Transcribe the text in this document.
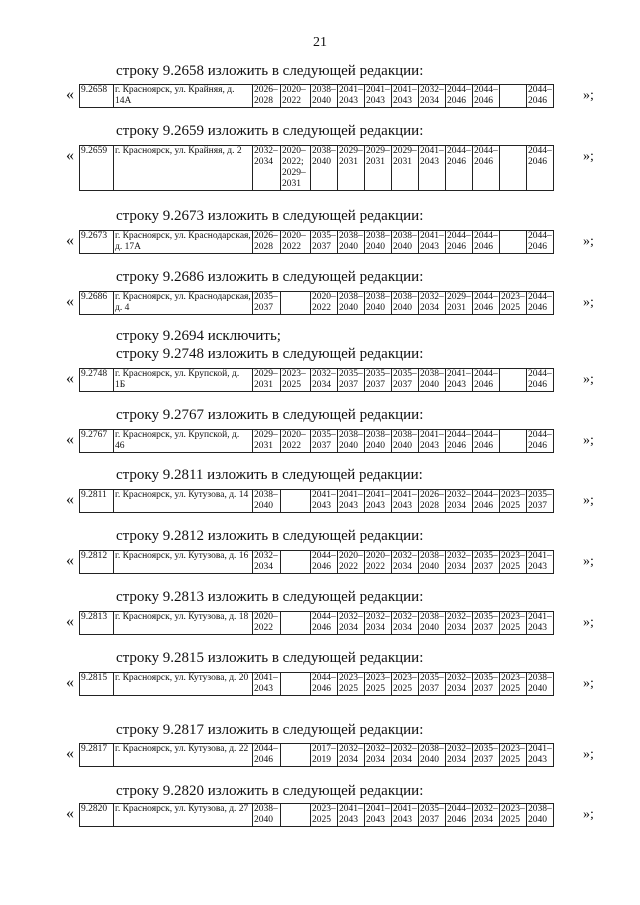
21
строку 9.2658 изложить в следующей редакции:
« 9.2658	г. Красноярск, ул. Крайняя, д. 14А	2026–2028	2020–2022	2038–2040	2041–2043	2041–2043	2041–2043	2032–2034	2044–2046	2044–2046		2044–2046	»;
строку 9.2659 изложить в следующей редакции:
« 9.2659	г. Красноярск, ул. Крайняя, д. 2	2032–2034	2020–2022; 2029–2031	2038–2040	2029–2031	2029–2031	2029–2031	2041–2043	2044–2046	2044–2046		2044–2046	»;
строку 9.2673 изложить в следующей редакции:
« 9.2673	г. Красноярск, ул. Краснодарская, д. 17А	2026–2028	2020–2022	2035–2037	2038–2040	2038–2040	2038–2040	2041–2043	2044–2046	2044–2046		2044–2046	»;
строку 9.2686 изложить в следующей редакции:
« 9.2686	г. Красноярск, ул. Краснодарская, д. 4	2035–2037		2020–2022	2038–2040	2038–2040	2038–2040	2032–2034	2029–2031	2044–2046	2023–2025	2044–2046	»;
строку 9.2694 исключить;
строку 9.2748 изложить в следующей редакции:
« 9.2748	г. Красноярск, ул. Крупской, д. 1Б	2029–2031	2023–2025	2032–2034	2035–2037	2035–2037	2035–2037	2038–2040	2041–2043	2044–2046		2044–2046	»;
строку 9.2767 изложить в следующей редакции:
« 9.2767	г. Красноярск, ул. Крупской, д. 46	2029–2031	2020–2022	2035–2037	2038–2040	2038–2040	2038–2040	2041–2043	2044–2046	2044–2046		2044–2046	»;
строку 9.2811 изложить в следующей редакции:
« 9.2811	г. Красноярск, ул. Кутузова, д. 14	2038–2040		2041–2043	2041–2043	2041–2043	2041–2043	2026–2028	2032–2034	2044–2046	2023–2025	2035–2037	»;
строку 9.2812 изложить в следующей редакции:
« 9.2812	г. Красноярск, ул. Кутузова, д. 16	2032–2034		2044–2046	2020–2022	2020–2022	2032–2034	2038–2040	2032–2034	2035–2037	2023–2025	2041–2043	»;
строку 9.2813 изложить в следующей редакции:
« 9.2813	г. Красноярск, ул. Кутузова, д. 18	2020–2022		2044–2046	2032–2034	2032–2034	2032–2034	2038–2040	2032–2034	2035–2037	2023–2025	2041–2043	»;
строку 9.2815 изложить в следующей редакции:
« 9.2815	г. Красноярск, ул. Кутузова, д. 20	2041–2043		2044–2046	2023–2025	2023–2025	2023–2025	2035–2037	2032–2034	2035–2037	2023–2025	2038–2040	»;
строку 9.2817 изложить в следующей редакции:
« 9.2817	г. Красноярск, ул. Кутузова, д. 22	2044–2046		2017–2019	2032–2034	2032–2034	2032–2034	2038–2040	2032–2034	2035–2037	2023–2025	2041–2043	»;
строку 9.2820 изложить в следующей редакции:
« 9.2820	г. Красноярск, ул. Кутузова, д. 27	2038–2040		2023–2025	2041–2043	2041–2043	2041–2043	2035–2037	2044–2046	2032–2034	2023–2025	2038–2040	»;
